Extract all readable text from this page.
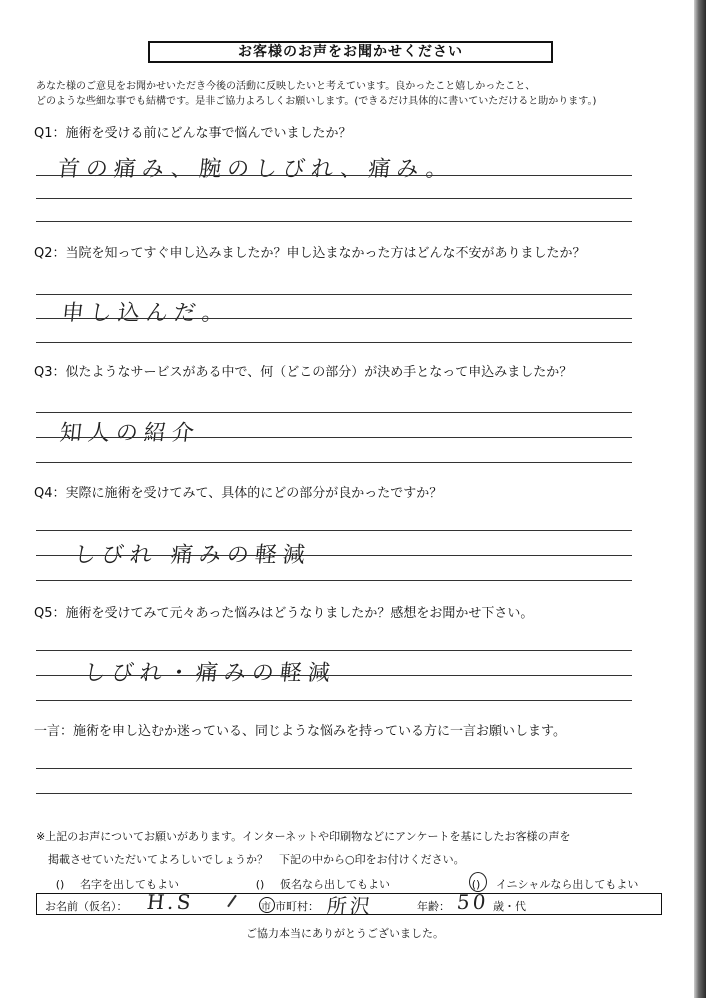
お客様のお声をお聞かせください
あなた様のご意見をお聞かせいただき今後の活動に反映したいと考えています。良かったこと嬉しかったこと、
どのような些細な事でも結構です。是非ご協力よろしくお願いします。(できるだけ具体的に書いていただけると助かります。)
Q1：施術を受ける前にどんな事で悩んでいましたか？
首の痛み、腕のしびれ、痛み。
Q2：当院を知ってすぐ申し込みましたか？申し込まなかった方はどんな不安がありましたか？
申し込んだ。
Q3：似たようなサービスがある中で、何（どこの部分）が決め手となって申込みましたか？
知人の紹介
Q4：実際に施術を受けてみて、具体的にどの部分が良かったですか？
しびれ 痛みの軽減
Q5：施術を受けてみて元々あった悩みはどうなりましたか？感想をお聞かせ下さい。
しびれ・痛みの軽減
一言：施術を申し込むか迷っている、同じような悩みを持っている方に一言お願いします。
※上記のお声についてお願いがあります。インターネットや印刷物などにアンケートを基にしたお客様の声を
掲載させていただいてよろしいでしょうか？　下記の中から○印をお付けください。
( )名字を出してもよい ( )	仮名なら出してもよい ( )	イニシャルなら出してもよい
お名前（仮名）： H.S	市 市町村： 所沢	年齢： 50 歳・代
ご協力本当にありがとうございました。
